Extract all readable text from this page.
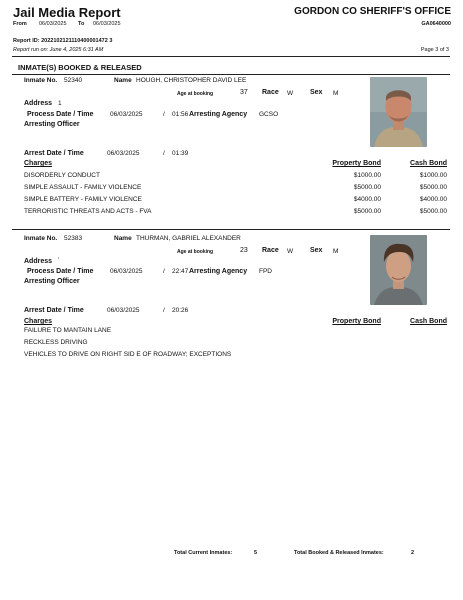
Jail Media Report
From 06/03/2025 To 06/03/2025
GORDON CO SHERIFF'S OFFICE
GA0640000
Report ID: 2022102121110400001472 3
Report run on: June 4, 2025 6:31 AM	Page 3 of 3
INMATE(S) BOOKED & RELEASED
Inmate No. 52340	Name HOUGH, CHRISTOPHER DAVID LEE
Age at booking	37 Race W Sex M
Address 1
Process Date / Time	06/03/2025	/ 01:56 Arresting Agency GCSO
Arresting Officer
Arrest Date / Time	06/03/2025	/ 01:39
Charges	Property Bond	Cash Bond
DISORDERLY CONDUCT	$1000.00	$1000.00
SIMPLE ASSAULT - FAMILY VIOLENCE	$5000.00	$5000.00
SIMPLE BATTERY - FAMILY VIOLENCE	$4000.00	$4000.00
TERRORISTIC THREATS AND ACTS - FVA	$5000.00	$5000.00
Inmate No. 52383	Name THURMAN, GABRIEL ALEXANDER
Age at booking	23 Race W Sex M
Address '
Process Date / Time	06/03/2025	/ 22:47 Arresting Agency FPD
Arresting Officer
Arrest Date / Time	06/03/2025	/ 20:26
Charges	Property Bond	Cash Bond
FAILURE TO MANTAIN LANE
RECKLESS DRIVING
VEHICLES TO DRIVE ON RIGHT SID E OF ROADWAY; EXCEPTIONS
Total Current Inmates:	5	Total Booked & Released Inmates:	2
